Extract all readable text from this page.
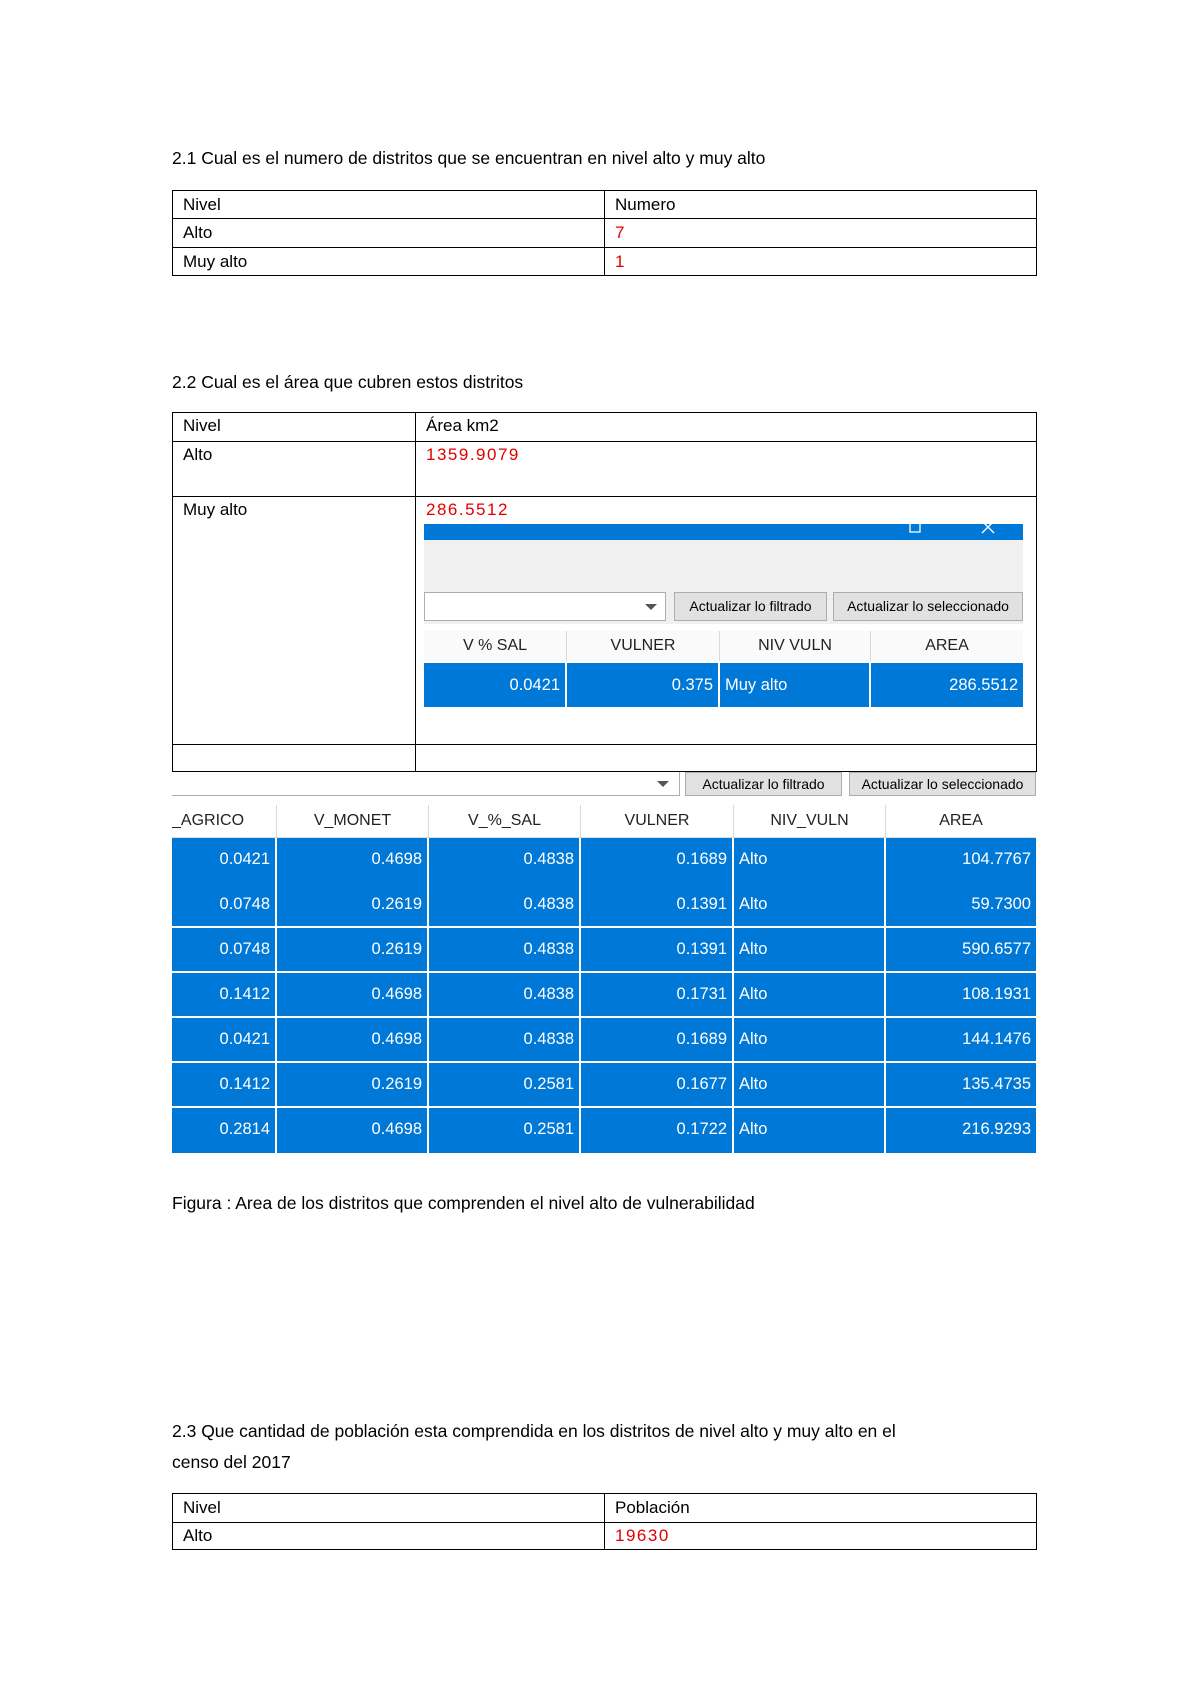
2.1 Cual es el numero de distritos que se encuentran en nivel alto y muy alto
Nivel	Numero
Alto	7
Muy alto	1
2.2 Cual es el área que cubren estos distritos
Nivel	Área km2
Alto	1359.9079
Muy alto	286.5512

Actualizar lo filtrado	Actualizar lo seleccionado
V % SAL	VULNER	NIV VULN	AREA
0.0421	0.375 Muy alto	286.5512
Actualizar lo filtrado	Actualizar lo seleccionado
_AGRICO	V_MONET	V_%_SAL	VULNER	NIV_VULN	AREA
0.0421	0.4698	0.4838	0.1689 Alto	104.7767
0.0748	0.2619	0.4838	0.1391 Alto	59.7300
0.0748	0.2619	0.4838	0.1391 Alto	590.6577
0.1412	0.4698	0.4838	0.1731 Alto	108.1931
0.0421	0.4698	0.4838	0.1689 Alto	144.1476
0.1412	0.2619	0.2581	0.1677 Alto	135.4735
0.2814	0.4698	0.2581	0.1722 Alto	216.9293
Figura : Area de los distritos que comprenden el nivel alto de vulnerabilidad
2.3 Que cantidad de población esta comprendida en los distritos de nivel alto y muy alto en el
censo del 2017
Nivel	Población
Alto	19630
